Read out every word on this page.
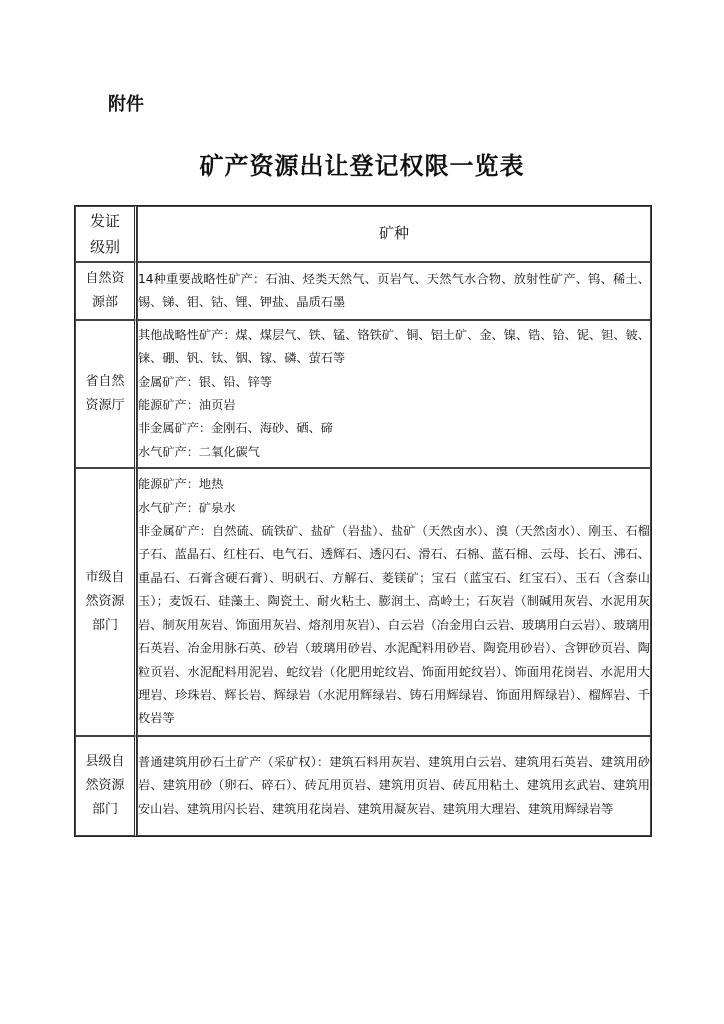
附件
矿产资源出让登记权限一览表
发证级别	矿种
自然资源部	14种重要战略性矿产：石油、烃类天然气、页岩气、天然气水合物、放射性矿产、钨、稀土、锡、锑、钼、钴、锂、钾盐、晶质石墨

省自然资源厅	其他战略性矿产：煤、煤层气、铁、锰、铬铁矿、铜、铝土矿、金、镍、锆、铪、铌、钽、铍、铼、硼、钒、钛、铟、镓、磷、萤石等
金属矿产：银、铅、锌等
能源矿产：油页岩
非金属矿产：金刚石、海砂、硒、碲
水气矿产：二氧化碳气

市级自然资源部门	能源矿产：地热
水气矿产：矿泉水
非金属矿产：自然硫、硫铁矿、盐矿（岩盐）、盐矿（天然卤水）、溴（天然卤水）、刚玉、石榴子石、蓝晶石、红柱石、电气石、透辉石、透闪石、滑石、石棉、蓝石棉、云母、长石、沸石、重晶石、石膏含硬石膏）、明矾石、方解石、菱镁矿；宝石（蓝宝石、红宝石）、玉石（含泰山玉）；麦饭石、硅藻土、陶瓷土、耐火粘土、膨润土、高岭土；石灰岩（制碱用灰岩、水泥用灰岩、制灰用灰岩、饰面用灰岩、熔剂用灰岩）、白云岩（冶金用白云岩、玻璃用白云岩）、玻璃用石英岩、冶金用脉石英、砂岩（玻璃用砂岩、水泥配料用砂岩、陶瓷用砂岩）、含钾砂页岩、陶粒页岩、水泥配料用泥岩、蛇纹岩（化肥用蛇纹岩、饰面用蛇纹岩）、饰面用花岗岩、水泥用大理岩、珍珠岩、辉长岩、辉绿岩（水泥用辉绿岩、铸石用辉绿岩、饰面用辉绿岩）、榴辉岩、千枚岩等

县级自然资源部门	普通建筑用砂石土矿产（采矿权）：建筑石料用灰岩、建筑用白云岩、建筑用石英岩、建筑用砂岩、建筑用砂（卵石、碎石）、砖瓦用页岩、建筑用页岩、砖瓦用粘土、建筑用玄武岩、建筑用安山岩、建筑用闪长岩、建筑用花岗岩、建筑用凝灰岩、建筑用大理岩、建筑用辉绿岩等
